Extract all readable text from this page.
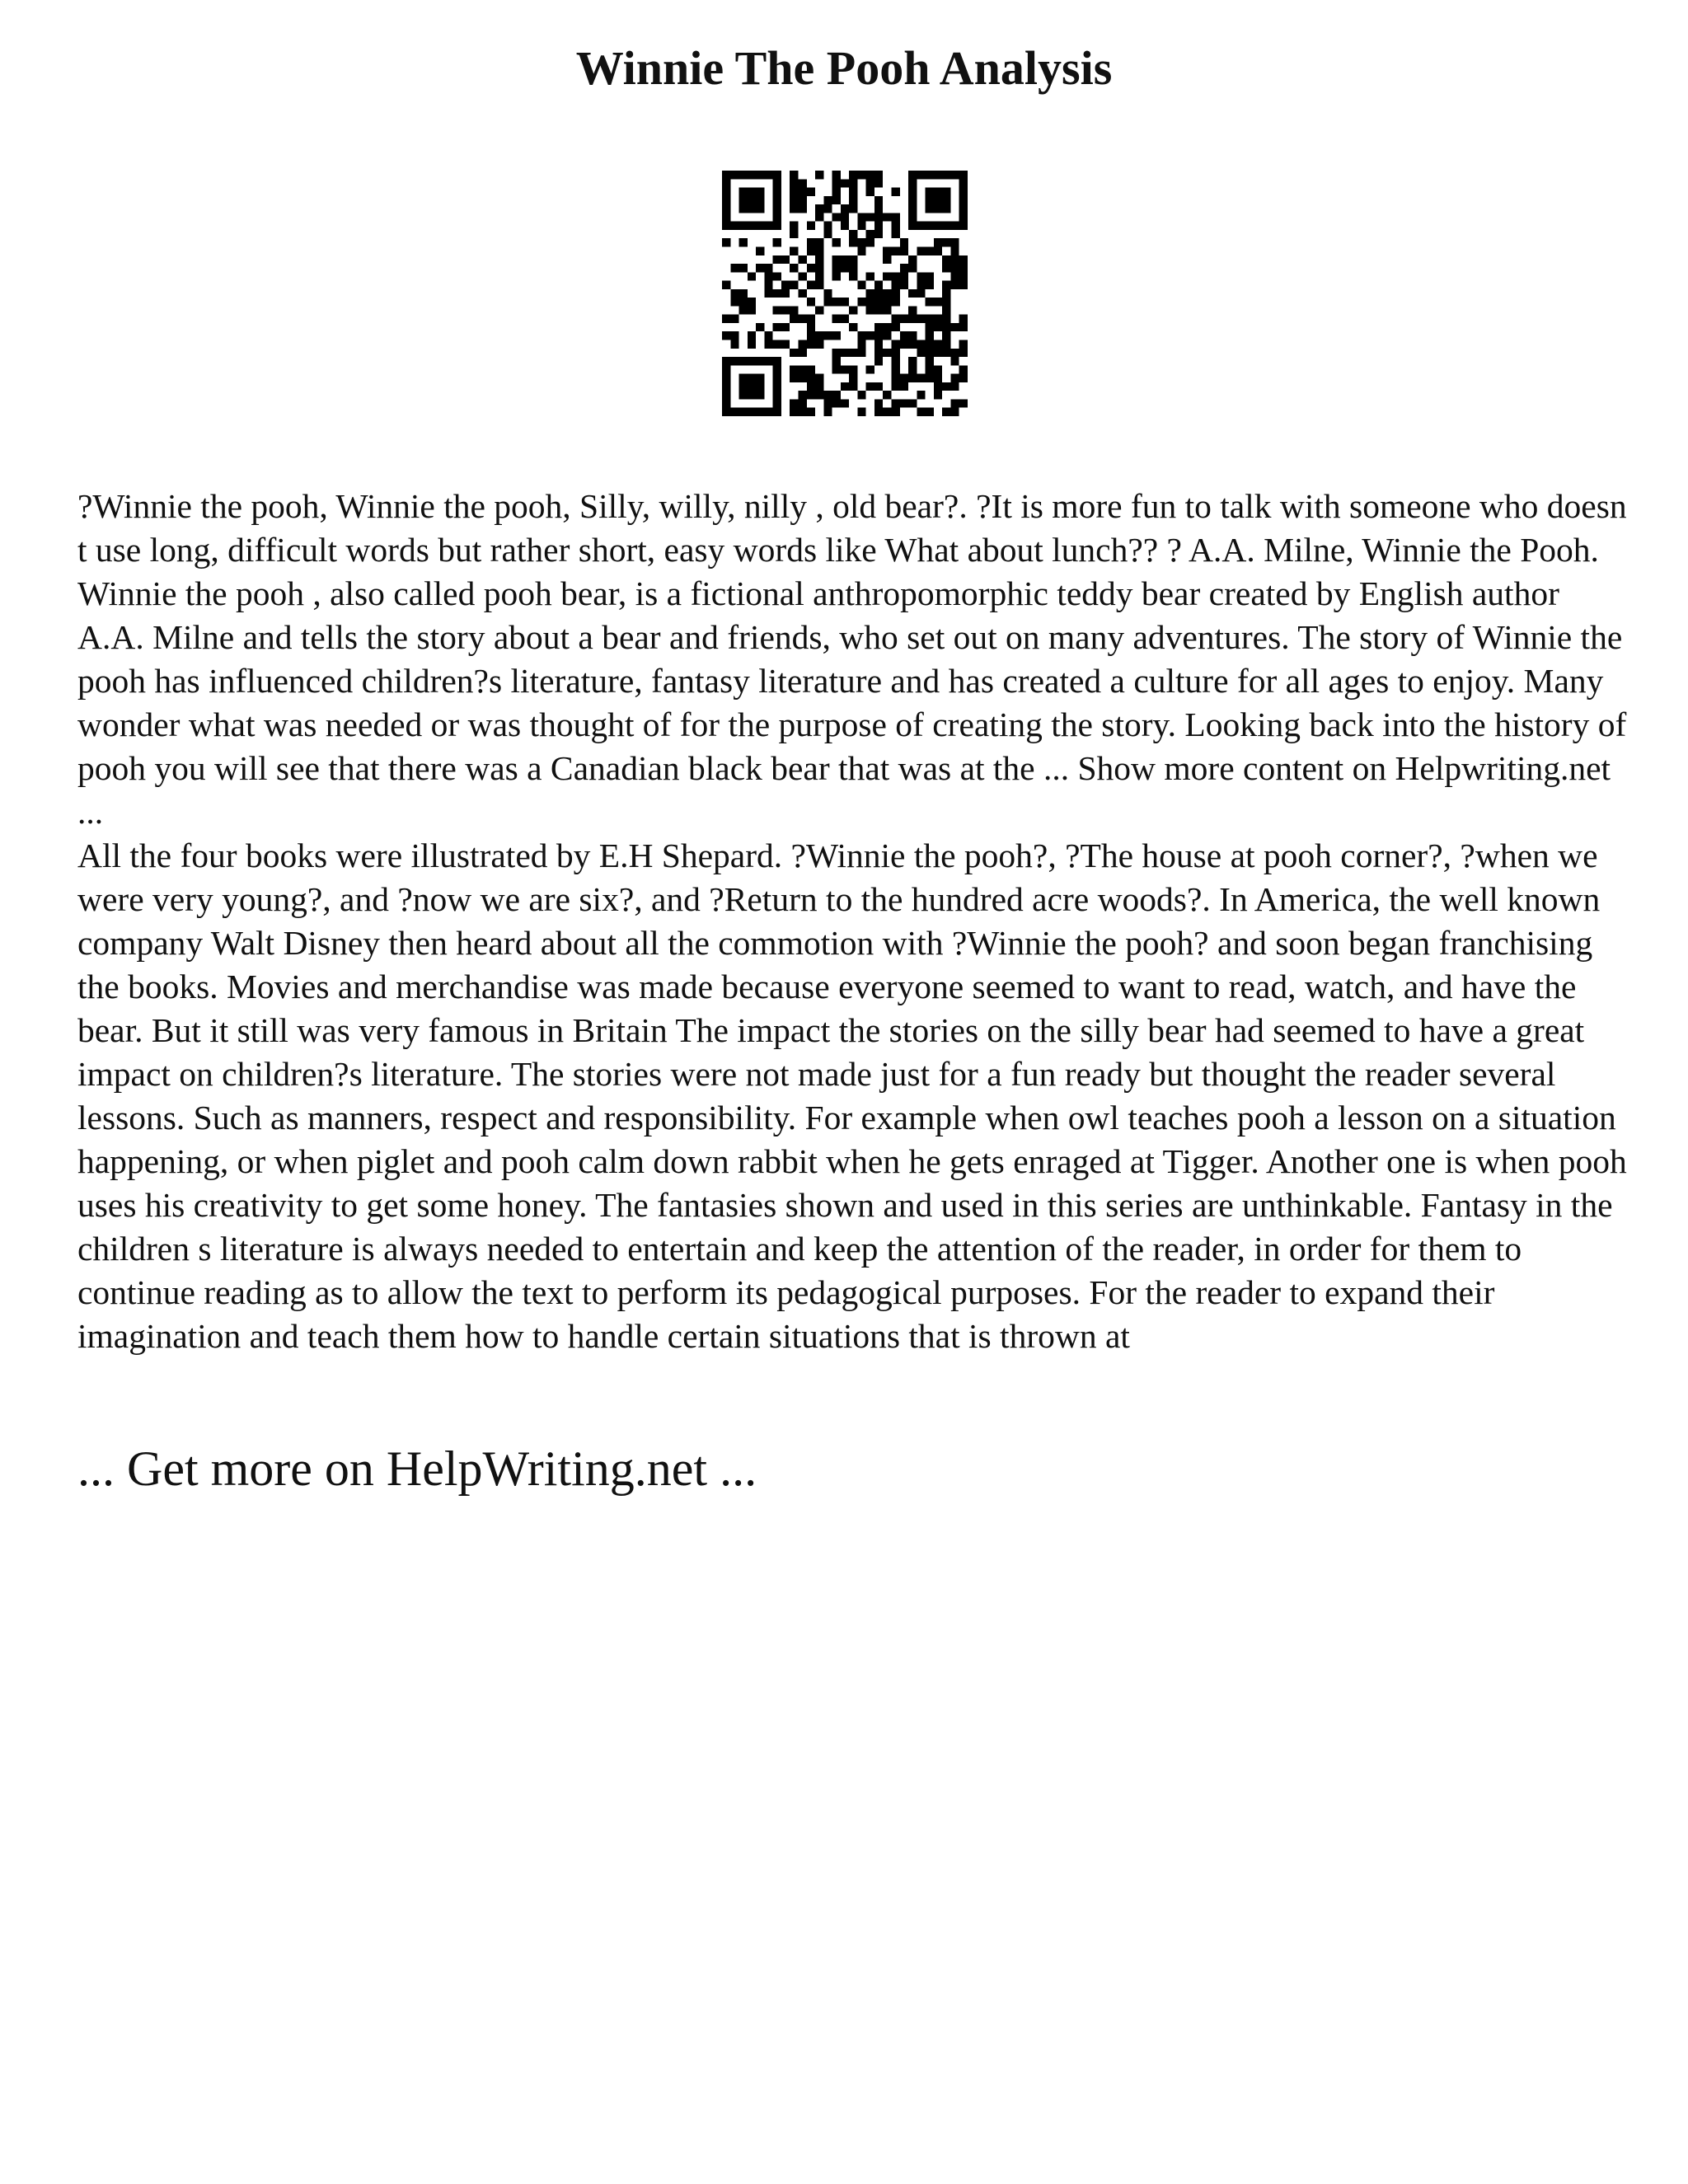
Winnie The Pooh Analysis

?Winnie the pooh, Winnie the pooh, Silly, willy, nilly , old bear?. ?It is more fun to talk with someone who doesn t use long, difficult words but rather short, easy words like What about lunch?? ? A.A. Milne, Winnie the Pooh. Winnie the pooh , also called pooh bear, is a fictional anthropomorphic teddy bear created by English author A.A. Milne and tells the story about a bear and friends, who set out on many adventures. The story of Winnie the pooh has influenced children?s literature, fantasy literature and has created a culture for all ages to enjoy. Many wonder what was needed or was thought of for the purpose of creating the story. Looking back into the history of pooh you will see that there was a Canadian black bear that was at the ... Show more content on Helpwriting.net ...

All the four books were illustrated by E.H Shepard. ?Winnie the pooh?, ?The house at pooh corner?, ?when we were very young?, and ?now we are six?, and ?Return to the hundred acre woods?. In America, the well known company Walt Disney then heard about all the commotion with ?Winnie the pooh? and soon began franchising the books. Movies and merchandise was made because everyone seemed to want to read, watch, and have the bear. But it still was very famous in Britain The impact the stories on the silly bear had seemed to have a great impact on children?s literature. The stories were not made just for a fun ready but thought the reader several lessons. Such as manners, respect and responsibility. For example when owl teaches pooh a lesson on a situation happening, or when piglet and pooh calm down rabbit when he gets enraged at Tigger. Another one is when pooh uses his creativity to get some honey. The fantasies shown and used in this series are unthinkable. Fantasy in the children s literature is always needed to entertain and keep the attention of the reader, in order for them to continue reading as to allow the text to perform its pedagogical purposes. For the reader to expand their imagination and teach them how to handle certain situations that is thrown at

... Get more on HelpWriting.net ...
